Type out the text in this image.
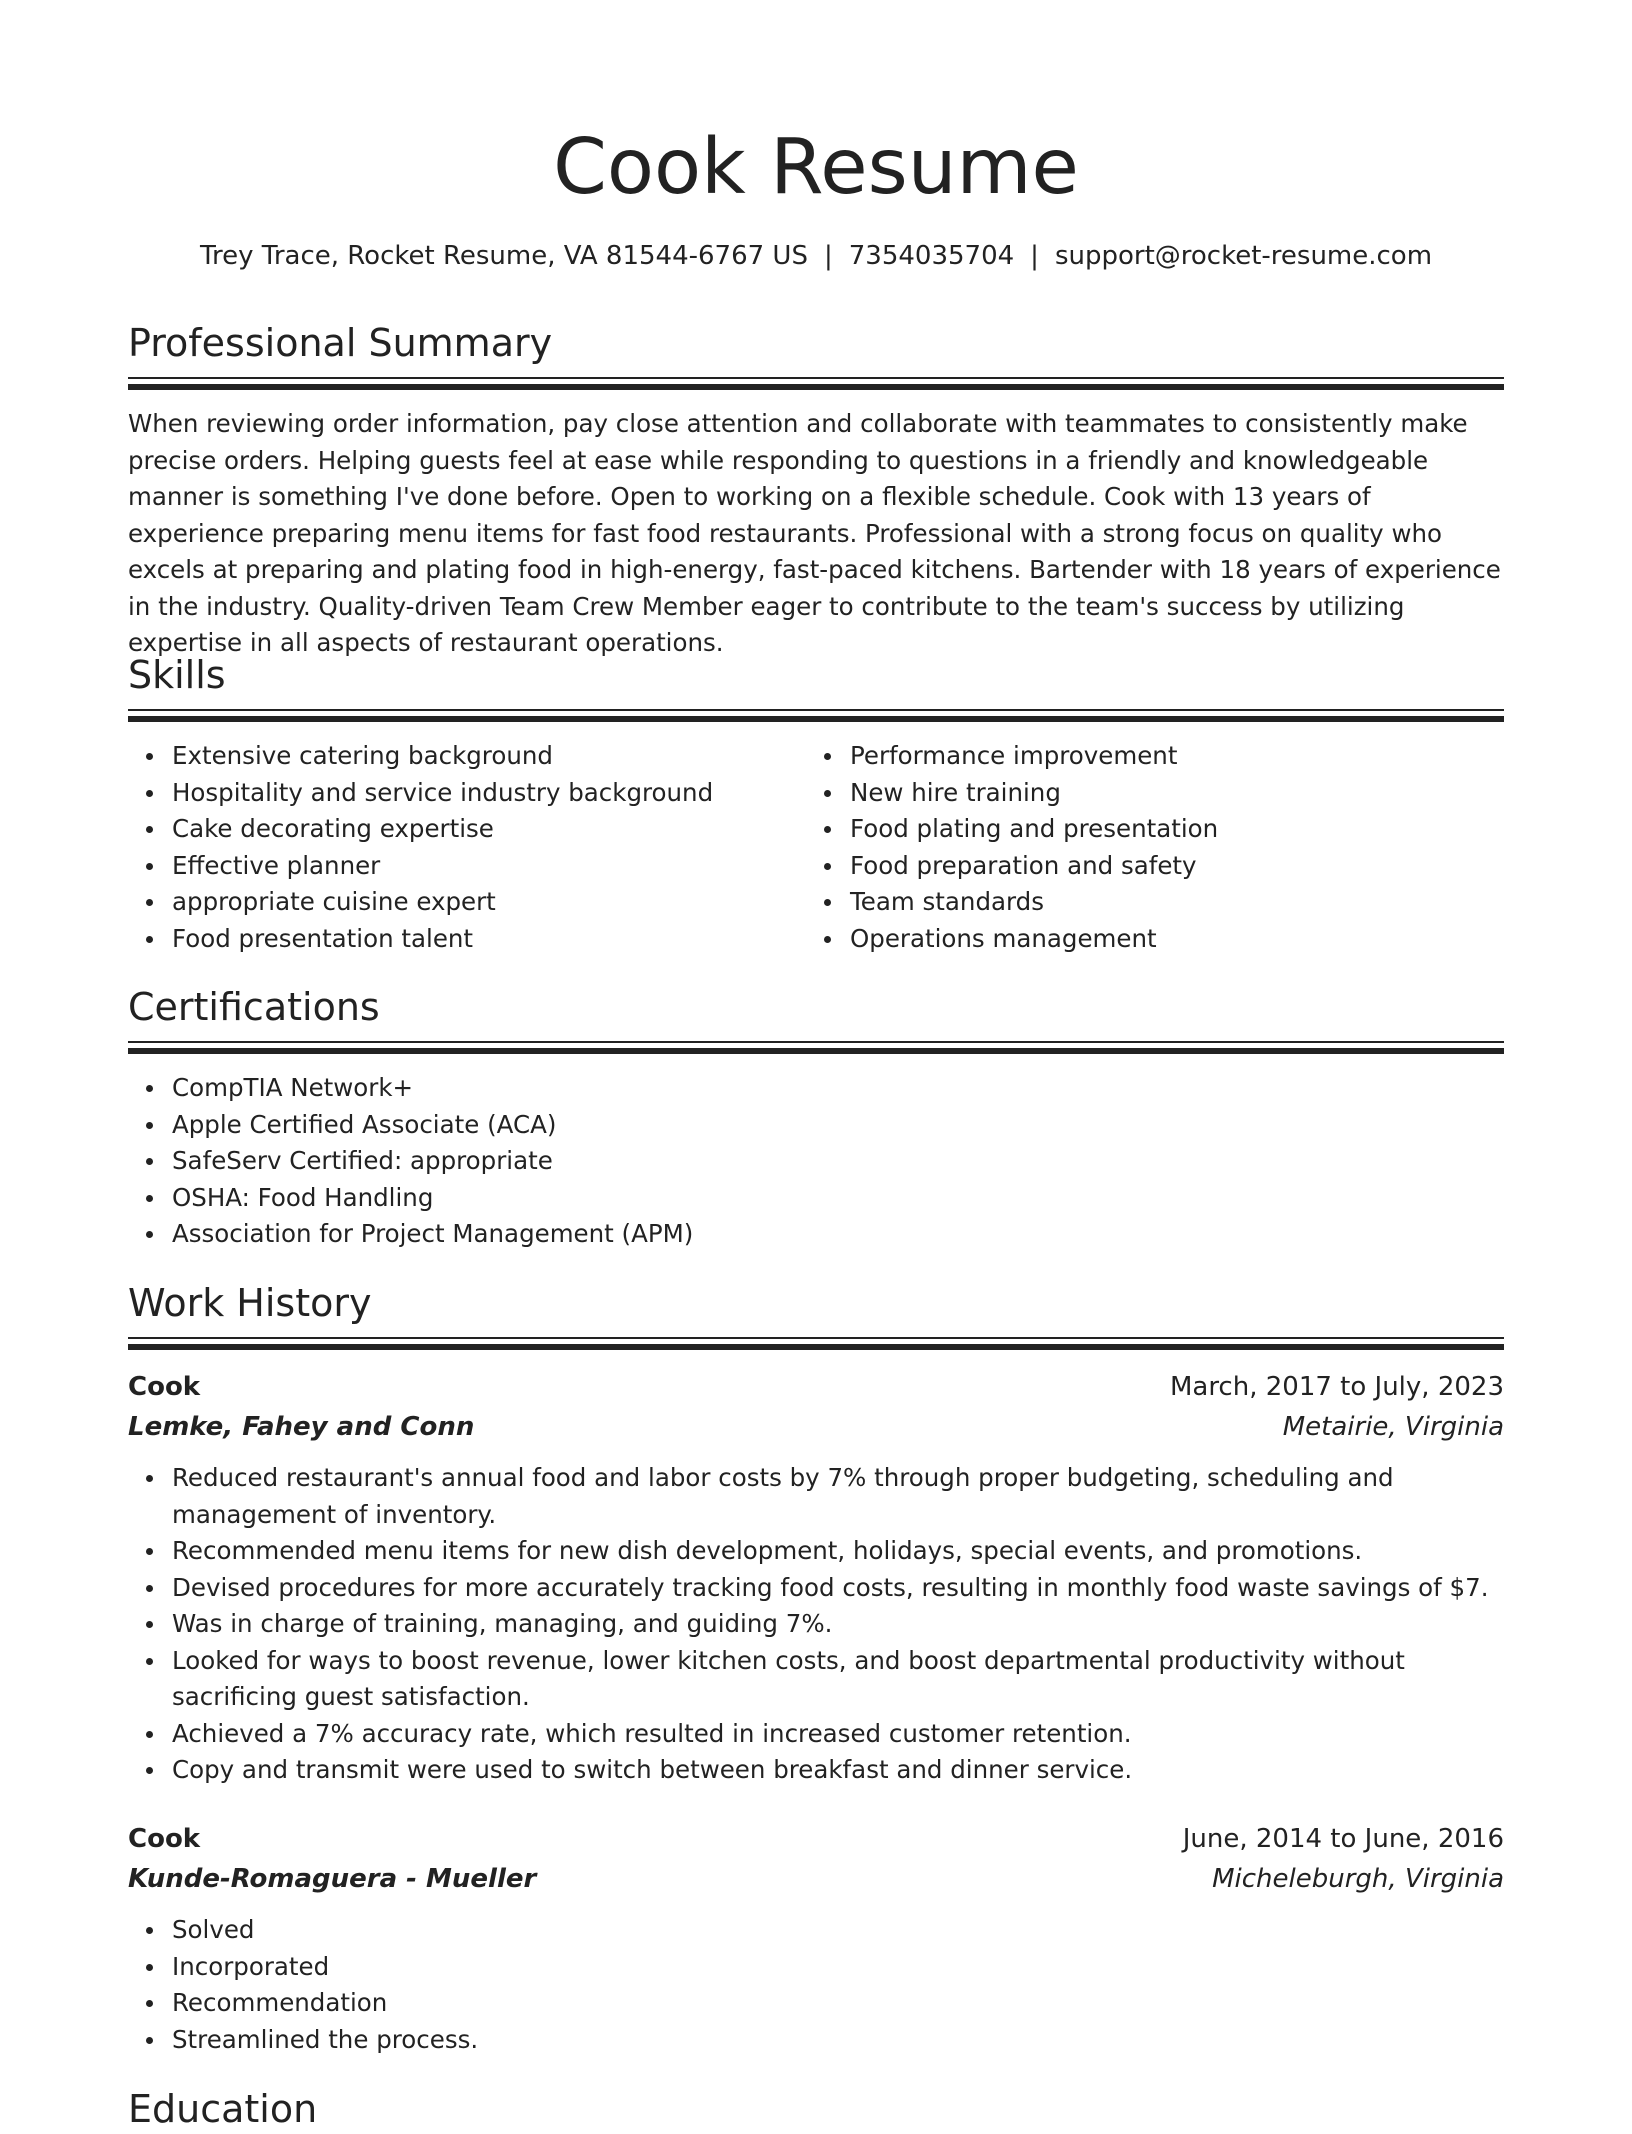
Cook Resume
Trey Trace, Rocket Resume, VA 81544-6767 US | 7354035704 | support@rocket-resume.com
Professional Summary

When reviewing order information, pay close attention and collaborate with teammates to consistently make precise orders. Helping guests feel at ease while responding to questions in a friendly and knowledgeable manner is something I've done before. Open to working on a flexible schedule. Cook with 13 years of experience preparing menu items for fast food restaurants. Professional with a strong focus on quality who excels at preparing and plating food in high-energy, fast-paced kitchens. Bartender with 18 years of experience in the industry. Quality-driven Team Crew Member eager to contribute to the team's success by utilizing expertise in all aspects of restaurant operations.

Skills
Extensive catering background
Hospitality and service industry background
Cake decorating expertise
Effective planner
appropriate cuisine expert
Food presentation talent
Performance improvement
New hire training
Food plating and presentation
Food preparation and safety
Team standards
Operations management
Certifications
CompTIA Network+
Apple Certified Associate (ACA)
SafeServ Certified: appropriate
OSHA: Food Handling
Association for Project Management (APM)
Work History
Cook	March, 2017 to July, 2023
Lemke, Fahey and Conn	Metairie, Virginia
Reduced restaurant's annual food and labor costs by 7% through proper budgeting, scheduling and management of inventory.
Recommended menu items for new dish development, holidays, special events, and promotions.
Devised procedures for more accurately tracking food costs, resulting in monthly food waste savings of $7.
Was in charge of training, managing, and guiding 7%.
Looked for ways to boost revenue, lower kitchen costs, and boost departmental productivity without sacrificing guest satisfaction.
Achieved a 7% accuracy rate, which resulted in increased customer retention.
Copy and transmit were used to switch between breakfast and dinner service.
Cook	June, 2014 to June, 2016
Kunde-Romaguera - Mueller	Micheleburgh, Virginia
Solved
Incorporated
Recommendation
Streamlined the process.
Education
